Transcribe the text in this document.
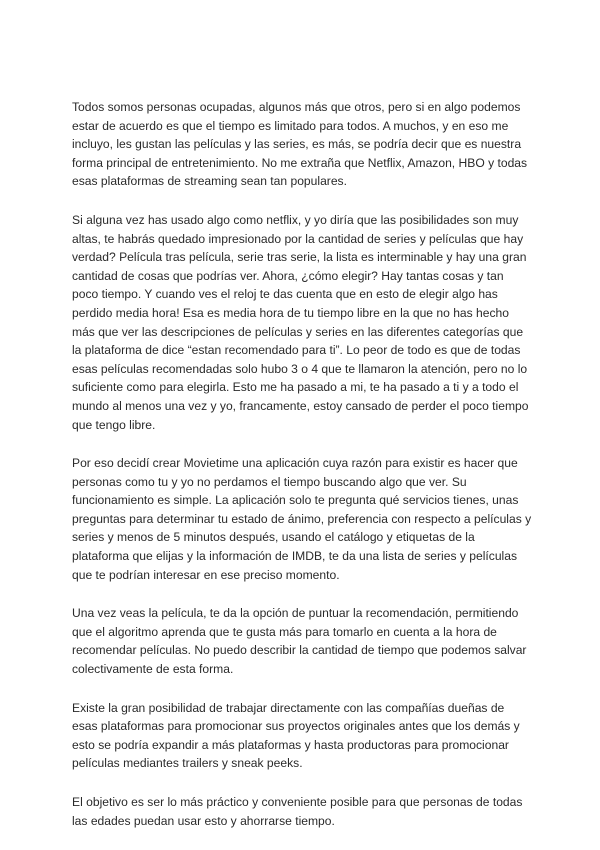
Todos somos personas ocupadas, algunos más que otros, pero si en algo podemos estar de acuerdo es que el tiempo es limitado para todos. A muchos, y en eso me incluyo, les gustan las películas y las series, es más, se podría decir que es nuestra forma principal de entretenimiento. No me extraña que Netflix, Amazon, HBO y todas esas plataformas de streaming sean tan populares.

Si alguna vez has usado algo como netflix, y yo diría que las posibilidades son muy altas, te habrás quedado impresionado por la cantidad de series y películas que hay verdad? Película tras película, serie tras serie, la lista es interminable y hay una gran cantidad de cosas que podrías ver. Ahora, ¿cómo elegir? Hay tantas cosas y tan poco tiempo. Y cuando ves el reloj te das cuenta que en esto de elegir algo has perdido media hora! Esa es media hora de tu tiempo libre en la que no has hecho más que ver las descripciones de películas y series en las diferentes categorías que la plataforma de dice “estan recomendado para ti”. Lo peor de todo es que de todas esas películas recomendadas solo hubo 3 o 4 que te llamaron la atención, pero no lo suficiente como para elegirla. Esto me ha pasado a mi, te ha pasado a ti y a todo el mundo al menos una vez y yo, francamente, estoy cansado de perder el poco tiempo que tengo libre.

Por eso decidí crear Movietime una aplicación cuya razón para existir es hacer que personas como tu y yo no perdamos el tiempo buscando algo que ver. Su funcionamiento es simple. La aplicación solo te pregunta qué servicios tienes, unas preguntas para determinar tu estado de ánimo, preferencia con respecto a películas y series y menos de 5 minutos después, usando el catálogo y etiquetas de la plataforma que elijas y la información de IMDB, te da una lista de series y películas que te podrían interesar en ese preciso momento.

Una vez veas la película, te da la opción de puntuar la recomendación, permitiendo que el algoritmo aprenda que te gusta más para tomarlo en cuenta a la hora de recomendar películas. No puedo describir la cantidad de tiempo que podemos salvar colectivamente de esta forma.

Existe la gran posibilidad de trabajar directamente con las compañías dueñas de esas plataformas para promocionar sus proyectos originales antes que los demás y esto se podría expandir a más plataformas y hasta productoras para promocionar películas mediantes trailers y sneak peeks.

El objetivo es ser lo más práctico y conveniente posible para que personas de todas las edades puedan usar esto y ahorrarse tiempo.
